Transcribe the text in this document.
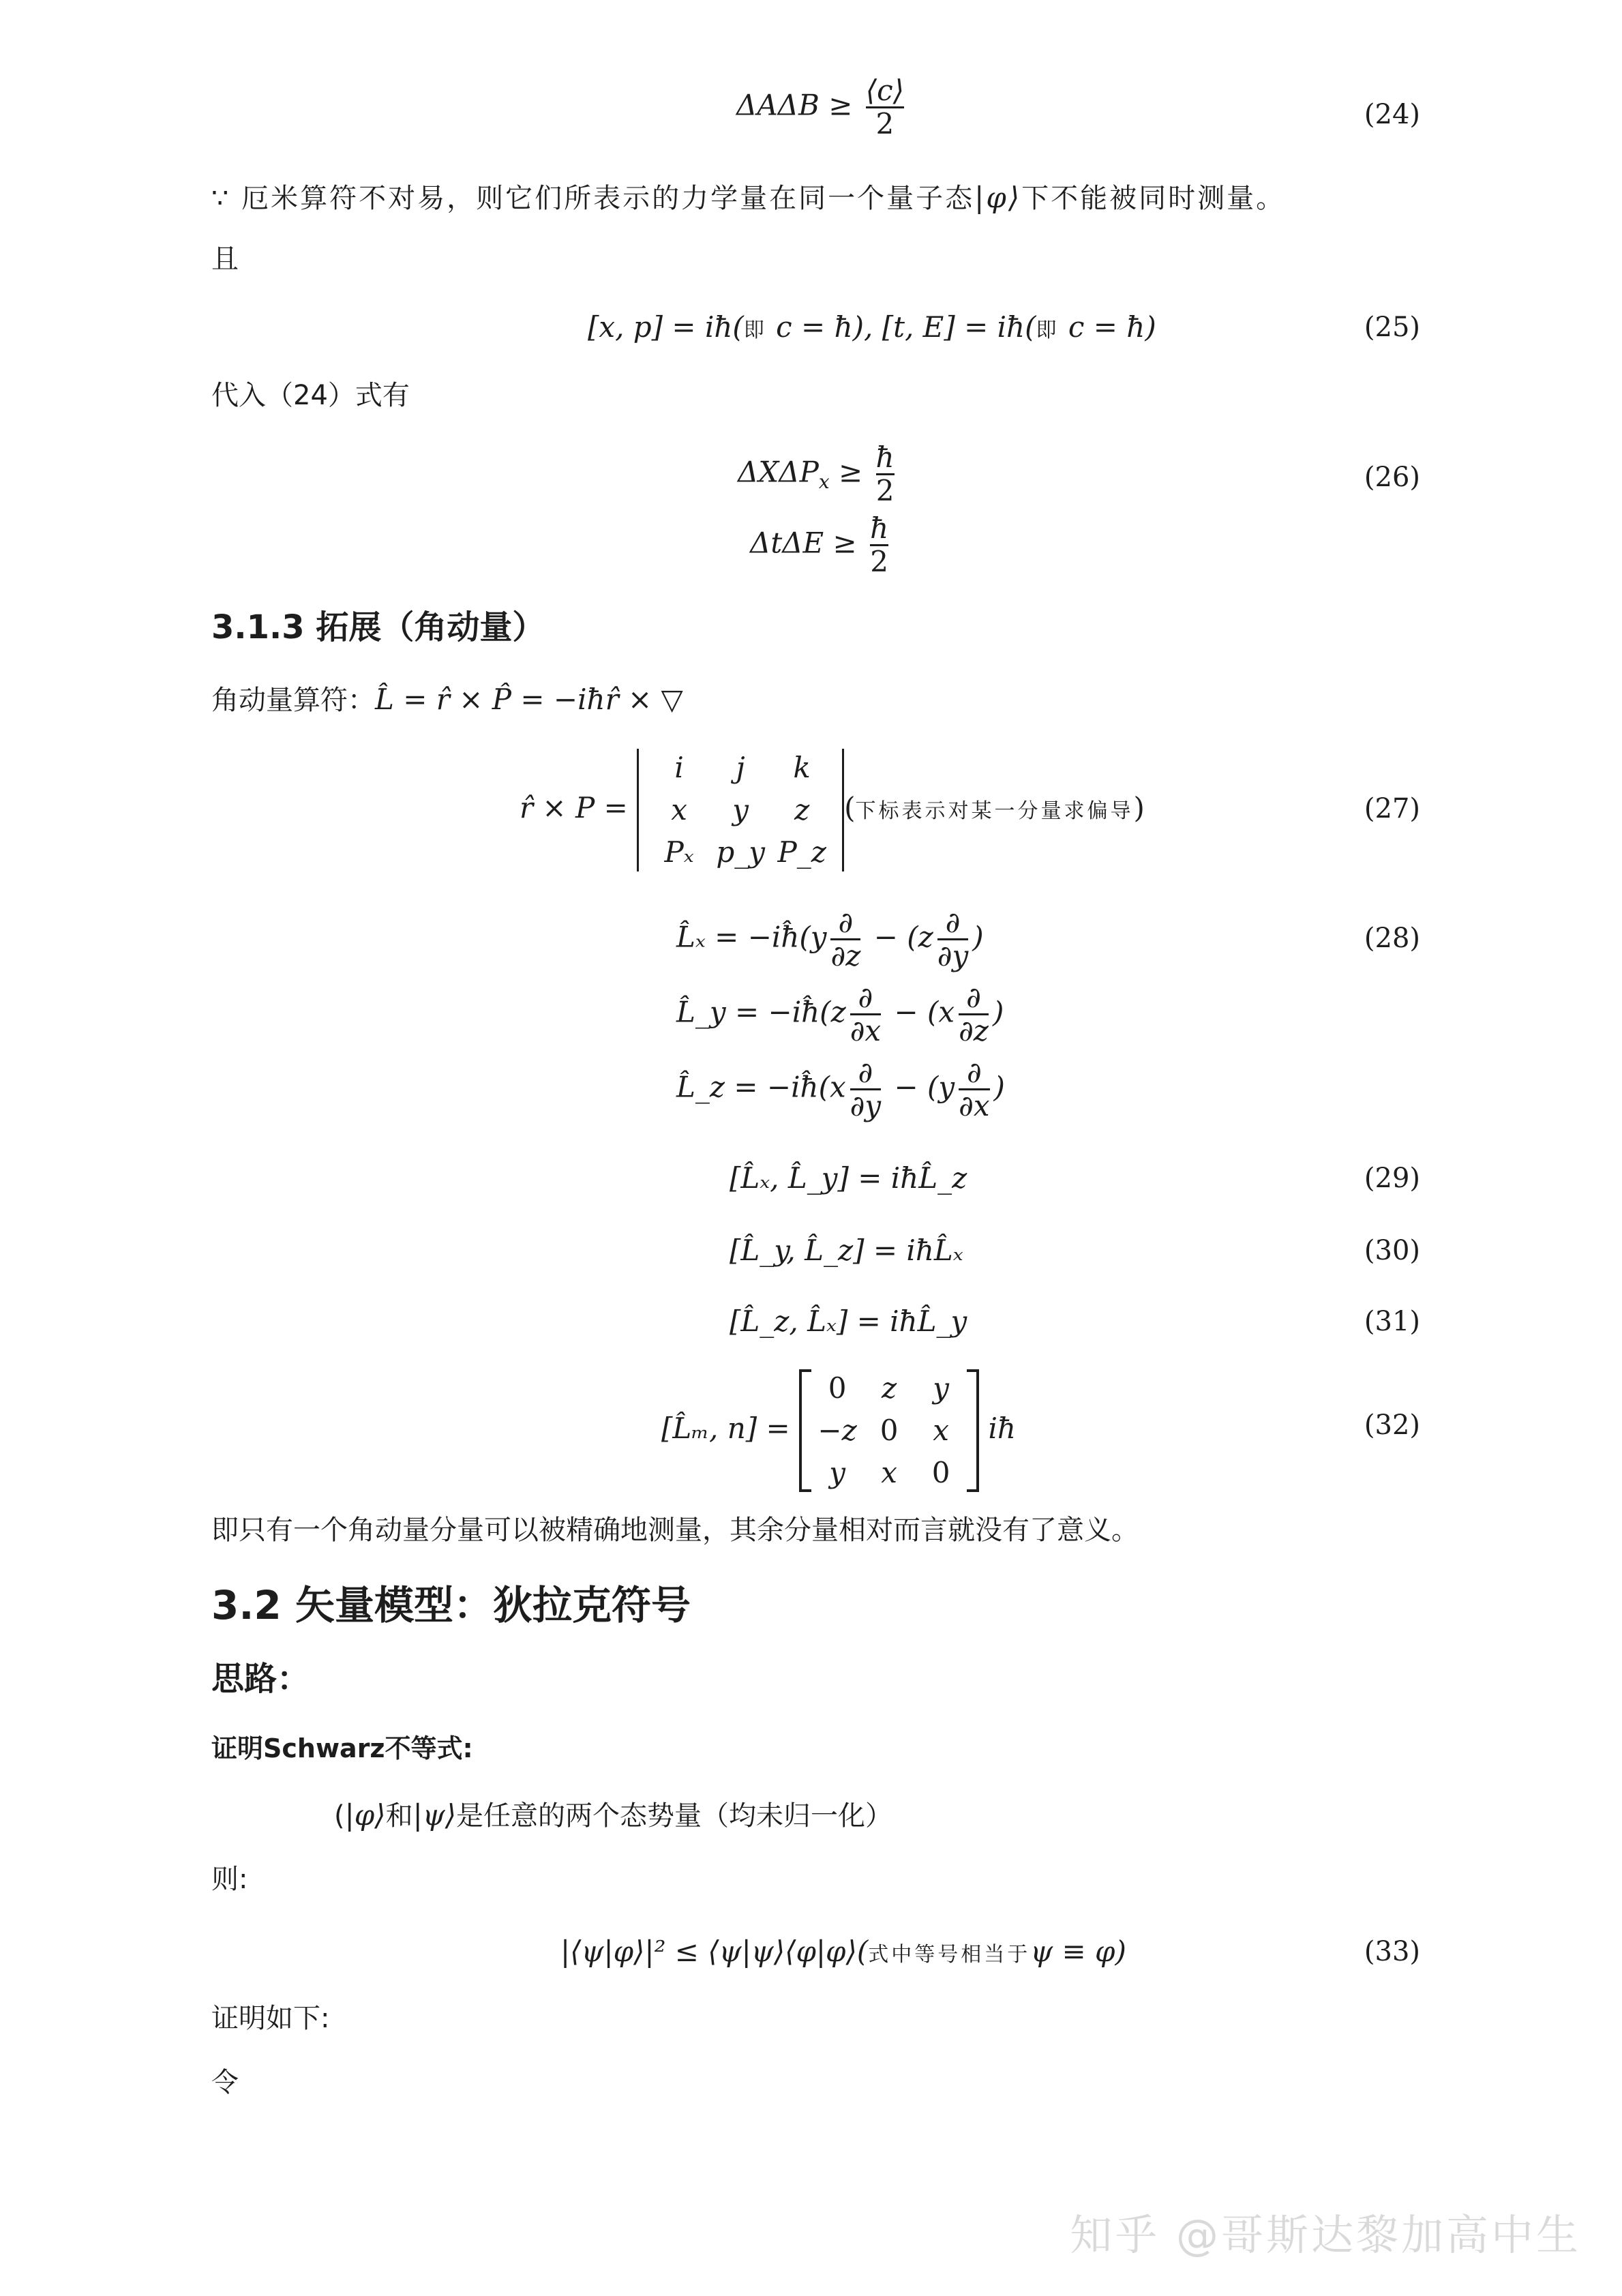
$\Delta A\Delta B \ge \frac{⟨c⟩}{2}$	(24)
∵ 厄米算符不对易，则它们所表示的力学量在同一个量子态|φ⟩下不能被同时测量。
且
[x, p] = iħ(即 c = ħ), [t, E] = iħ(即 c = ħ)	(25)
代入（24）式有
$\Delta X\Delta P_x \ge \frac{ħ}{2}$
$\Delta t\Delta E \ge \frac{ħ}{2}$
(26)
3.1.3 拓展（角动量）
角动量算符：L̂ = r̂ × P̂ = −iħr̂ × ▽
r̂ × P =
i	j	k
x	y	z
Pₓ p_y P_z
(下标表示对某一分量求偏导)	(27)
L̂ₓ = −iħ̂(y $\frac{\partial}{\partial z} - (z \frac{\partial}{\partial y}$ )
L̂_y = −iħ̂(z $\frac{\partial}{\partial x} - (x \frac{\partial}{\partial z}$ )
L̂_z = −iħ̂(x $\frac{\partial}{\partial y} - (y \frac{\partial}{\partial x}$ )
(28)
[L̂ₓ, L̂_y] = iħL̂_z	(29)
[L̂_y, L̂_z] = iħL̂ₓ	(30)
[L̂_z, L̂ₓ] = iħL̂_y	(31)
[L̂ₘ, n] =
0	z	y
−z 0	x
y	x	0
iħ	(32)
即只有一个角动量分量可以被精确地测量，其余分量相对而言就没有了意义。
3.2 矢量模型：狄拉克符号
思路：
证明Schwarz不等式:
(|φ⟩和|ψ⟩是任意的两个态势量（均未归一化）
则:
|⟨ψ|φ⟩|² ≤ ⟨ψ|ψ⟩⟨φ|φ⟩(式中等号相当于ψ ≡ φ)	(33)
证明如下:
令
知乎 @哥斯达黎加高中生
